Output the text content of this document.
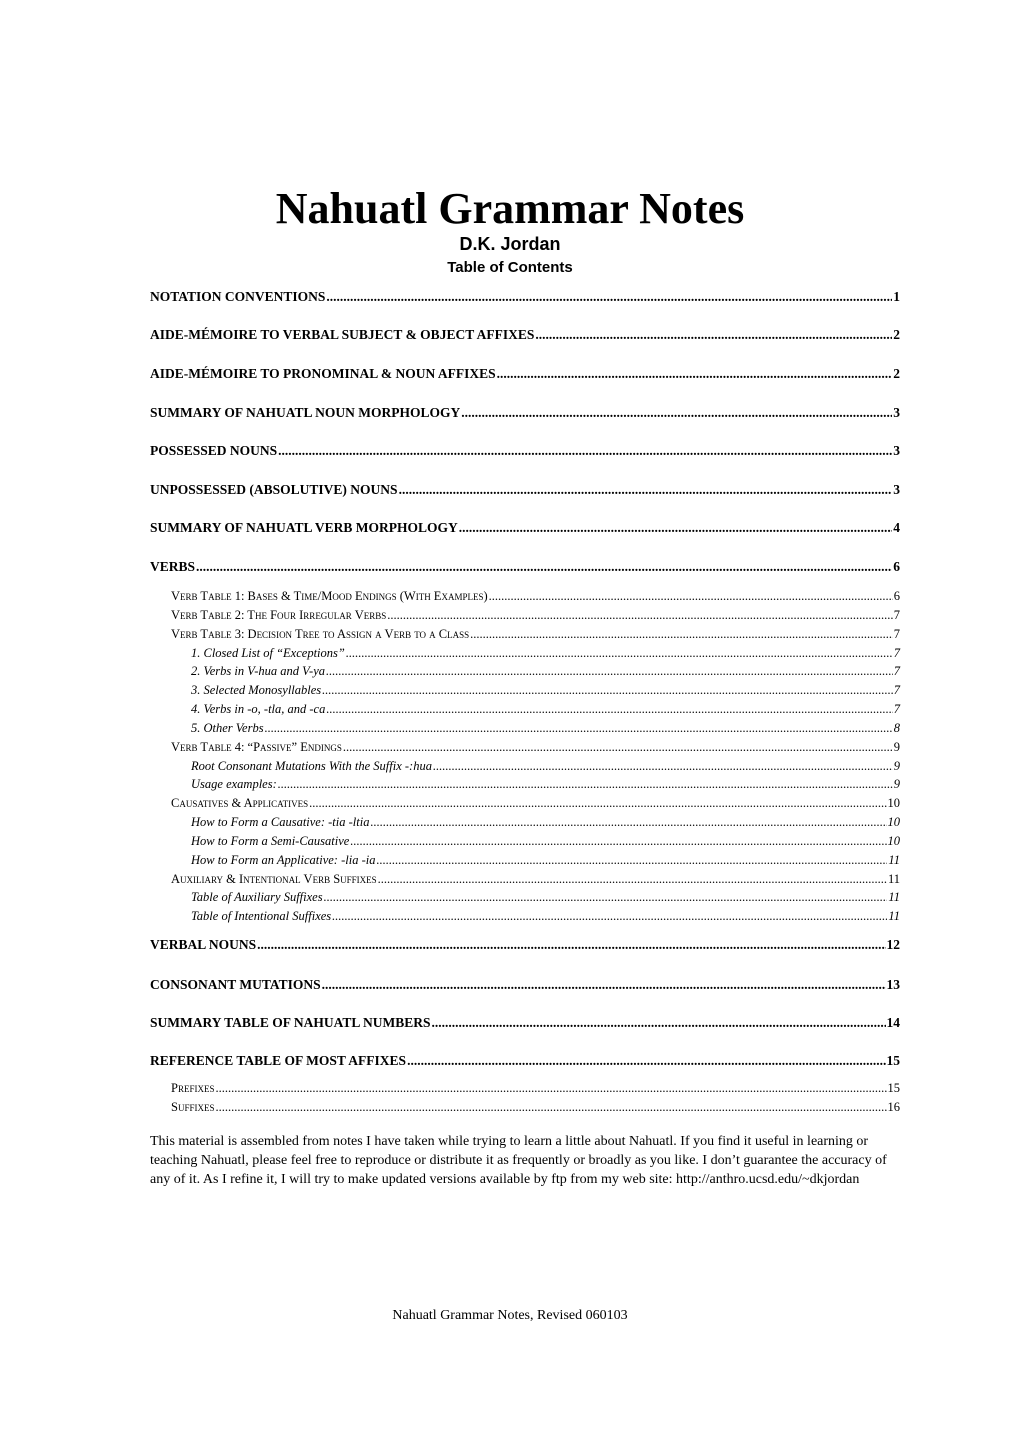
Nahuatl Grammar Notes
D.K. Jordan
Table of Contents
NOTATION CONVENTIONS .....	1
AIDE-MÉMOIRE TO VERBAL SUBJECT & OBJECT AFFIXES .....	2
AIDE-MÉMOIRE TO PRONOMINAL & NOUN AFFIXES .....	2
SUMMARY OF NAHUATL NOUN MORPHOLOGY .....	3
POSSESSED NOUNS .....	3
UNPOSSESSED (ABSOLUTIVE) NOUNS .....	3
SUMMARY OF NAHUATL VERB MORPHOLOGY .....	4
VERBS .....	6
Verb Table 1: Bases & Time/Mood Endings (With Examples) .....	6
Verb Table 2: The Four Irregular Verbs .....	7
Verb Table 3: Decision Tree to Assign a Verb to a Class .....	7
1. Closed List of “Exceptions” .....	7
2. Verbs in V-hua and V-ya .....	7
3. Selected Monosyllables .....	7
4. Verbs in -o, -tla, and -ca .....	7
5. Other Verbs .....	8
Verb Table 4: “Passive” Endings .....	9
Root Consonant Mutations With the Suffix -:hua .....	9
Usage examples: .....	9
Causatives & Applicatives .....	10
How to Form a Causative: -tia -ltia .....	10
How to Form a Semi-Causative .....	10
How to Form an Applicative: -lia -ia .....	11
Auxiliary & Intentional Verb Suffixes .....	11
Table of Auxiliary Suffixes .....	11
Table of Intentional Suffixes .....	11
VERBAL NOUNS .....	12
CONSONANT MUTATIONS .....	13
SUMMARY TABLE OF NAHUATL NUMBERS .....	14
REFERENCE TABLE OF MOST AFFIXES .....	15
Prefixes .....	15
Suffixes .....	16
This material is assembled from notes I have taken while trying to learn a little about Nahuatl. If you find it useful in learning or teaching Nahuatl, please feel free to reproduce or distribute it as frequently or broadly as you like. I don’t guarantee the accuracy of any of it. As I refine it, I will try to make updated versions available by ftp from my web site: http://anthro.ucsd.edu/~dkjordan
Nahuatl Grammar Notes, Revised 060103
